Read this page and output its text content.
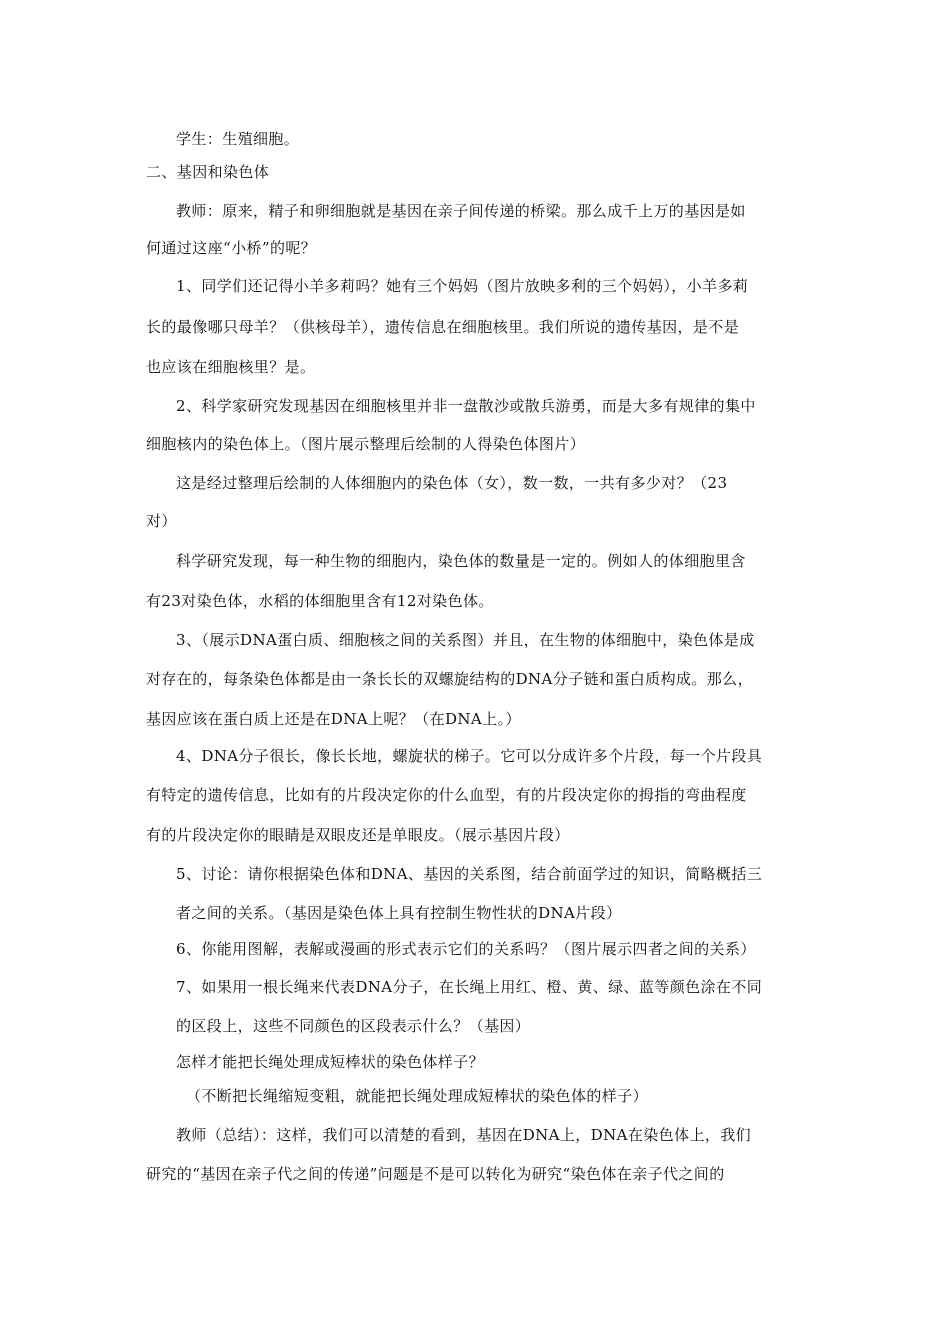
学生：生殖细胞。
二、基因和染色体
教师：原来，精子和卵细胞就是基因在亲子间传递的桥梁。那么成千上万的基因是如
何通过这座“小桥”的呢？
1、同学们还记得小羊多莉吗？她有三个妈妈（图片放映多利的三个妈妈），小羊多莉
长的最像哪只母羊？（供核母羊），遗传信息在细胞核里。我们所说的遗传基因，是不是
也应该在细胞核里？是。
2、科学家研究发现基因在细胞核里并非一盘散沙或散兵游勇，而是大多有规律的集中
细胞核内的染色体上。（图片展示整理后绘制的人得染色体图片）
这是经过整理后绘制的人体细胞内的染色体（女），数一数，一共有多少对？（23
对）
科学研究发现，每一种生物的细胞内，染色体的数量是一定的。例如人的体细胞里含
有23对染色体，水稻的体细胞里含有12对染色体。
3、（展示DNA蛋白质、细胞核之间的关系图）并且，在生物的体细胞中，染色体是成
对存在的，每条染色体都是由一条长长的双螺旋结构的DNA分子链和蛋白质构成。那么，
基因应该在蛋白质上还是在DNA上呢？（在DNA上。）
4、DNA分子很长，像长长地，螺旋状的梯子。它可以分成许多个片段，每一个片段具
有特定的遗传信息，比如有的片段决定你的什么血型，有的片段决定你的拇指的弯曲程度
有的片段决定你的眼睛是双眼皮还是单眼皮。（展示基因片段）
5、讨论：请你根据染色体和DNA、基因的关系图，结合前面学过的知识，简略概括三
者之间的关系。（基因是染色体上具有控制生物性状的DNA片段）
6、你能用图解，表解或漫画的形式表示它们的关系吗？（图片展示四者之间的关系）
7、如果用一根长绳来代表DNA分子，在长绳上用红、橙、黄、绿、蓝等颜色涂在不同
的区段上，这些不同颜色的区段表示什么？（基因）
怎样才能把长绳处理成短棒状的染色体样子？
（不断把长绳缩短变粗，就能把长绳处理成短棒状的染色体的样子）
教师（总结）：这样，我们可以清楚的看到，基因在DNA上，DNA在染色体上，我们
研究的“基因在亲子代之间的传递”问题是不是可以转化为研究“染色体在亲子代之间的
